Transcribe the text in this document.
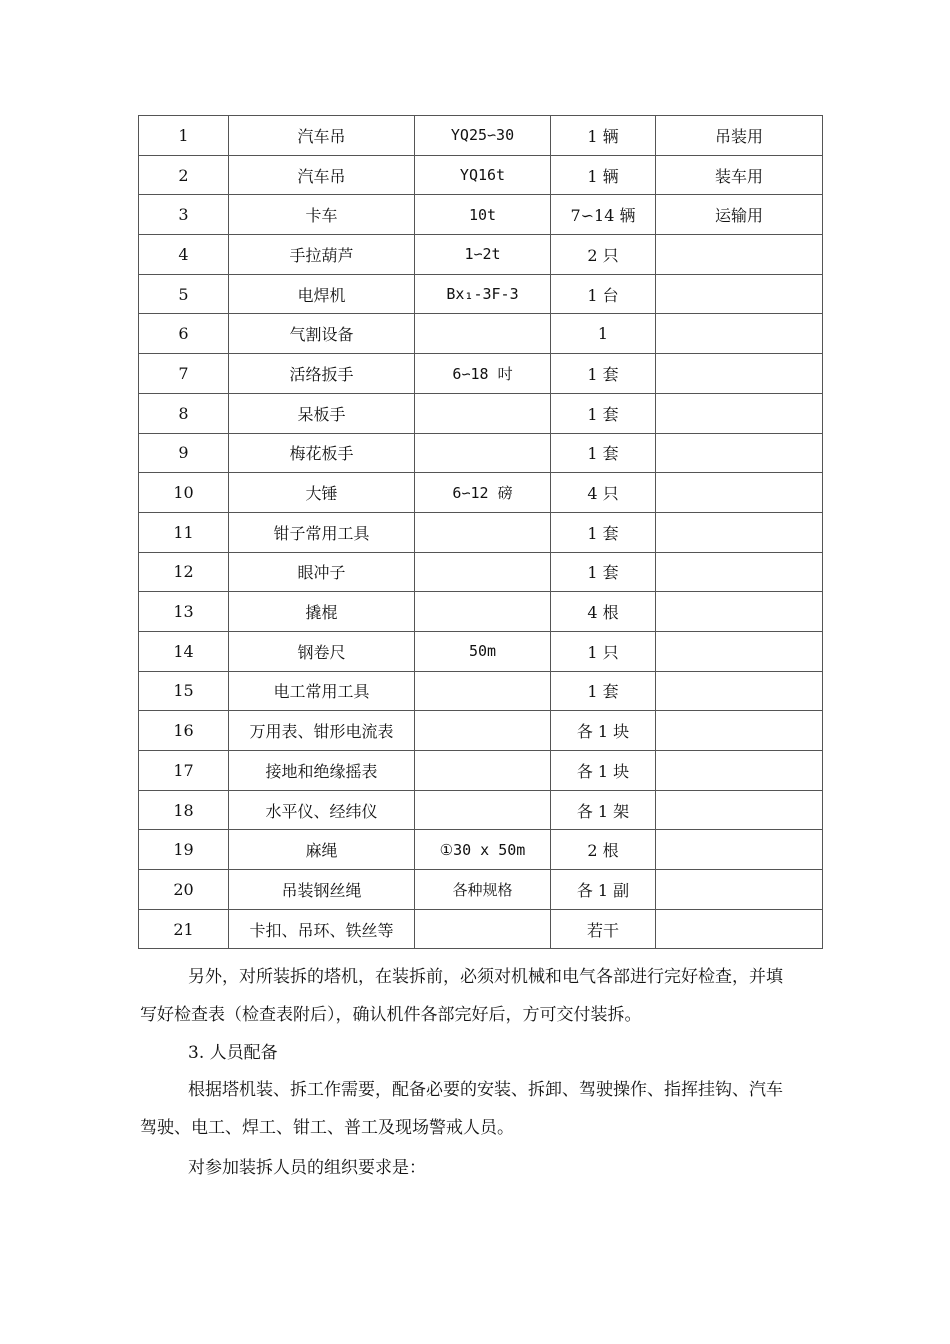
1	汽车吊	YQ25∽30	1 辆	吊装用
2	汽车吊	YQ16t	1 辆	装车用
3	卡车	10t	7∽14 辆	运输用
4	手拉葫芦	1∽2t	2 只	
5	电焊机	Bx₁-3F-3	1 台	
6	气割设备		1	
7	活络扳手	6∽18 吋	1 套	
8	呆板手		1 套	
9	梅花板手		1 套	
10	大锤	6∽12 磅	4 只	
11	钳子常用工具		1 套	
12	眼冲子		1 套	
13	撬棍		4 根	
14	钢卷尺	50m	1 只	
15	电工常用工具		1 套	
16	万用表、钳形电流表		各 1 块	
17	接地和绝缘摇表		各 1 块	
18	水平仪、经纬仪		各 1 架	
19	麻绳	①30 x 50m	2 根	
20	吊装钢丝绳	各种规格	各 1 副	
21	卡扣、吊环、铁丝等		若干	

另外，对所装拆的塔机，在装拆前，必须对机械和电气各部进行完好检查，并填
写好检查表（检查表附后），确认机件各部完好后，方可交付装拆。

3. 人员配备

根据塔机装、拆工作需要，配备必要的安装、拆卸、驾驶操作、指挥挂钩、汽车
驾驶、电工、焊工、钳工、普工及现场警戒人员。

对参加装拆人员的组织要求是：
